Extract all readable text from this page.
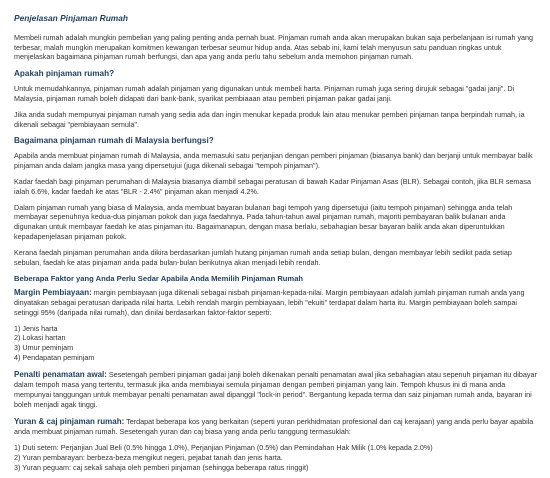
Penjelasan Pinjaman Rumah

Membeli rumah adalah mungkin pembelian yang paling penting anda pernah buat. Pinjaman rumah anda akan merupakan bukan saja perbelanjaan isi rumah yang terbesar, malah mungkin merupakan komitmen kewangan terbesar seumur hidup anda. Atas sebab ini, kami telah menyusun satu panduan ringkas untuk menjelaskan bagaimana pinjaman rumah berfungsi, dan apa yang anda perlu tahu sebelum anda memohon pinjaman rumah.

Apakah pinjaman rumah?

Untuk memudahkannya, pinjaman rumah adalah pinjaman yang digunakan untuk membeli harta. Pinjaman rumah juga sering dirujuk sebagai "gadai janji". Di Malaysia, pinjaman rumah boleh didapati dari bank-bank, syarikat pembiaaan atau pemberi pinjaman pakar gadai janji.

Jika anda sudah mempunyai pinjaman rumah yang sedia ada dan ingin menukar kepada produk lain atau menukar pemberi pinjaman tanpa berpindah rumah, ia dikenali sebagai "pembiayaan semula".

Bagaimana pinjaman rumah di Malaysia berfungsi?

Apabila anda membuat pinjaman rumah di Malaysia, anda memasuki satu perjanjian dengan pemberi pinjaman (biasanya bank) dan berjanji untuk membayar balik pinjaman anda dalam jangka masa yang dipersetujui (juga dikenali sebagai "tempoh pinjaman").

Kadar faedah bagi pinjaman perumahan di Malaysia biasanya diambil sebagai peratusan di bawah Kadar Pinjaman Asas (BLR). Sebagai contoh, jika BLR semasa ialah 6.6%, kadar faedah ke atas "BLR - 2.4%" pinjaman akan menjadi 4.2%.

Dalam pinjaman rumah yang biasa di Malaysia, anda membuat bayaran bulanan bagi tempoh yang dipersetujui (iaitu tempoh pinjaman) sehingga anda telah membayar sepenuhnya kedua-dua pinjaman pokok dan juga faedahnya. Pada tahun-tahun awal pinjaman rumah, majoriti pembayaran balik bulanan anda digunakan untuk membayar faedah ke atas pinjaman itu. Bagaimanapun, dengan masa berlalu, sebahagian besar bayaran balik anda akan diperuntukkan kepadapenjelasan pinjaman pokok.

Kerana faedah pinjaman perumahan anda dikira berdasarkan jumlah hutang pinjaman rumah anda setiap bulan, dengan membayar lebih sedikit pada setiap sebulan, faedah ke atas pinjaman anda pada bulan-bulan berikutnya akan menjadi lebih rendah.

Beberapa Faktor yang Anda Perlu Sedar Apabila Anda Memilih Pinjaman Rumah

Margin Pembiayaan: margin pembiayaan juga dikenali sebagai nisbah pinjaman-kepada-nilai. Margin pembiayaan adalah jumlah pinjaman rumah anda yang dinyatakan sebagai peratusan daripada nilai harta. Lebih rendah margin pembiayaan, lebih "ekuiti" terdapat dalam harta itu. Margin pembiayaan boleh sampai setinggi 95% (daripada nilai rumah), dan dinilai berdasarkan faktor-faktor seperti:

1) Jenis harta
2) Lokasi hartan
3) Umur peminjam
4) Pendapatan peminjam

Penalti penamatan awal: Sesetengah pemberi pinjaman gadai janji boleh dikenakan penalti penamatan awal jika sebahagian atau sepenuh pinjaman itu dibayar dalam tempoh masa yang tertentu, termasuk jika anda membiayai semula pinjaman dengan pemberi pinjaman yang lain. Tempoh khusus ini di mana anda mempunyai tanggungan untuk membayar penalti penamatan awal dipanggil "lock-in period". Bergantung kepada terma dan saiz pinjaman rumah anda, bayaran ini boleh menjadi agak tinggi.

Yuran & caj pinjaman rumah: Terdapat beberapa kos yang berkaitan (seperti yuran perkhidmatan profesional dan caj kerajaan) yang anda perlu bayar apabila anda membuat pinjaman rumah. Sesetengah yuran dan caj biasa yang anda perlu tanggung termasuklah:

1) Duti setem: Perjanjian Jual Beli (0.5% hingga 1.0%), Perjanjian Pinjaman (0.5%) dan Pemindahan Hak Milik (1.0% kepada 2.0%)
2) Yuran pembarayan: berbeza-beza mengikut negeri, pejabat tanah dan jenis harta.
3) Yuran peguam: caj sekali sahaja oleh pemberi pinjaman (sehingga beberapa ratus ringgit)
